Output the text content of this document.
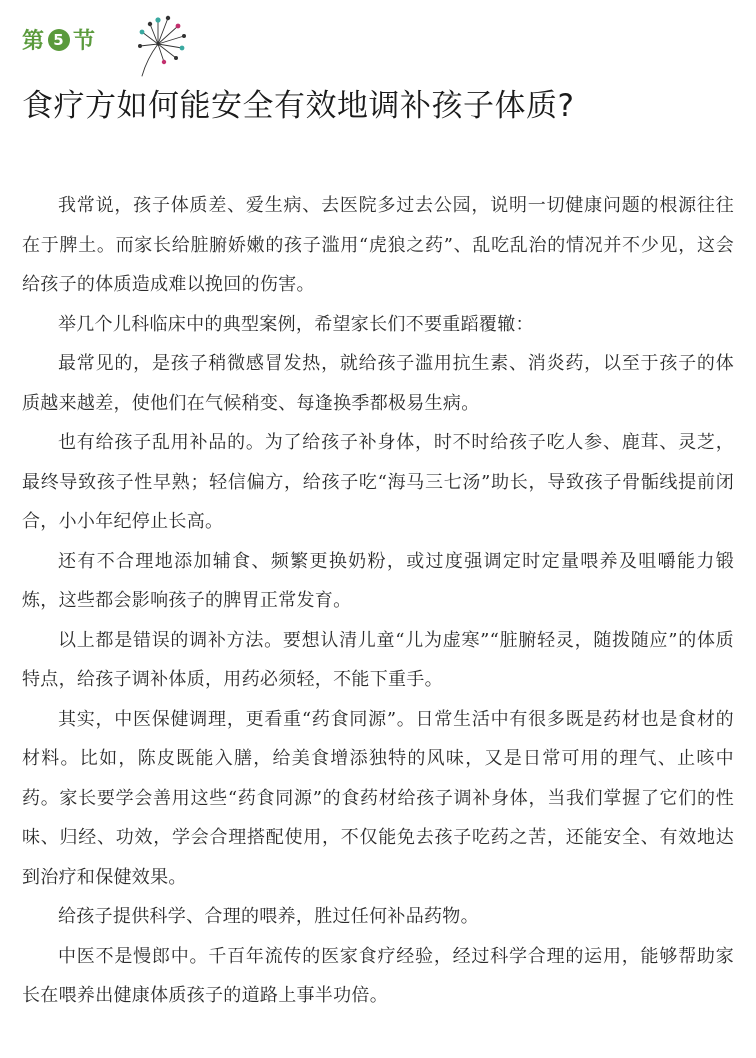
第 5 节
食疗方如何能安全有效地调补孩子体质?

我常说，孩子体质差、爱生病、去医院多过去公园，说明一切健康问题的根源往往在于脾土。而家长给脏腑娇嫩的孩子滥用“虎狼之药”、乱吃乱治的情况并不少见，这会给孩子的体质造成难以挽回的伤害。

举几个儿科临床中的典型案例，希望家长们不要重蹈覆辙：

最常见的，是孩子稍微感冒发热，就给孩子滥用抗生素、消炎药，以至于孩子的体质越来越差，使他们在气候稍变、每逢换季都极易生病。

也有给孩子乱用补品的。为了给孩子补身体，时不时给孩子吃人参、鹿茸、灵芝，最终导致孩子性早熟；轻信偏方，给孩子吃“海马三七汤”助长，导致孩子骨骺线提前闭合，小小年纪停止长高。

还有不合理地添加辅食、频繁更换奶粉，或过度强调定时定量喂养及咀嚼能力锻炼，这些都会影响孩子的脾胃正常发育。

以上都是错误的调补方法。要想认清儿童“儿为虚寒”“脏腑轻灵，随拨随应”的体质特点，给孩子调补体质，用药必须轻，不能下重手。

其实，中医保健调理，更看重“药食同源”。日常生活中有很多既是药材也是食材的材料。比如，陈皮既能入膳，给美食增添独特的风味，又是日常可用的理气、止咳中药。家长要学会善用这些“药食同源”的食药材给孩子调补身体，当我们掌握了它们的性味、归经、功效，学会合理搭配使用，不仅能免去孩子吃药之苦，还能安全、有效地达到治疗和保健效果。

给孩子提供科学、合理的喂养，胜过任何补品药物。

中医不是慢郎中。千百年流传的医家食疗经验，经过科学合理的运用，能够帮助家长在喂养出健康体质孩子的道路上事半功倍。
